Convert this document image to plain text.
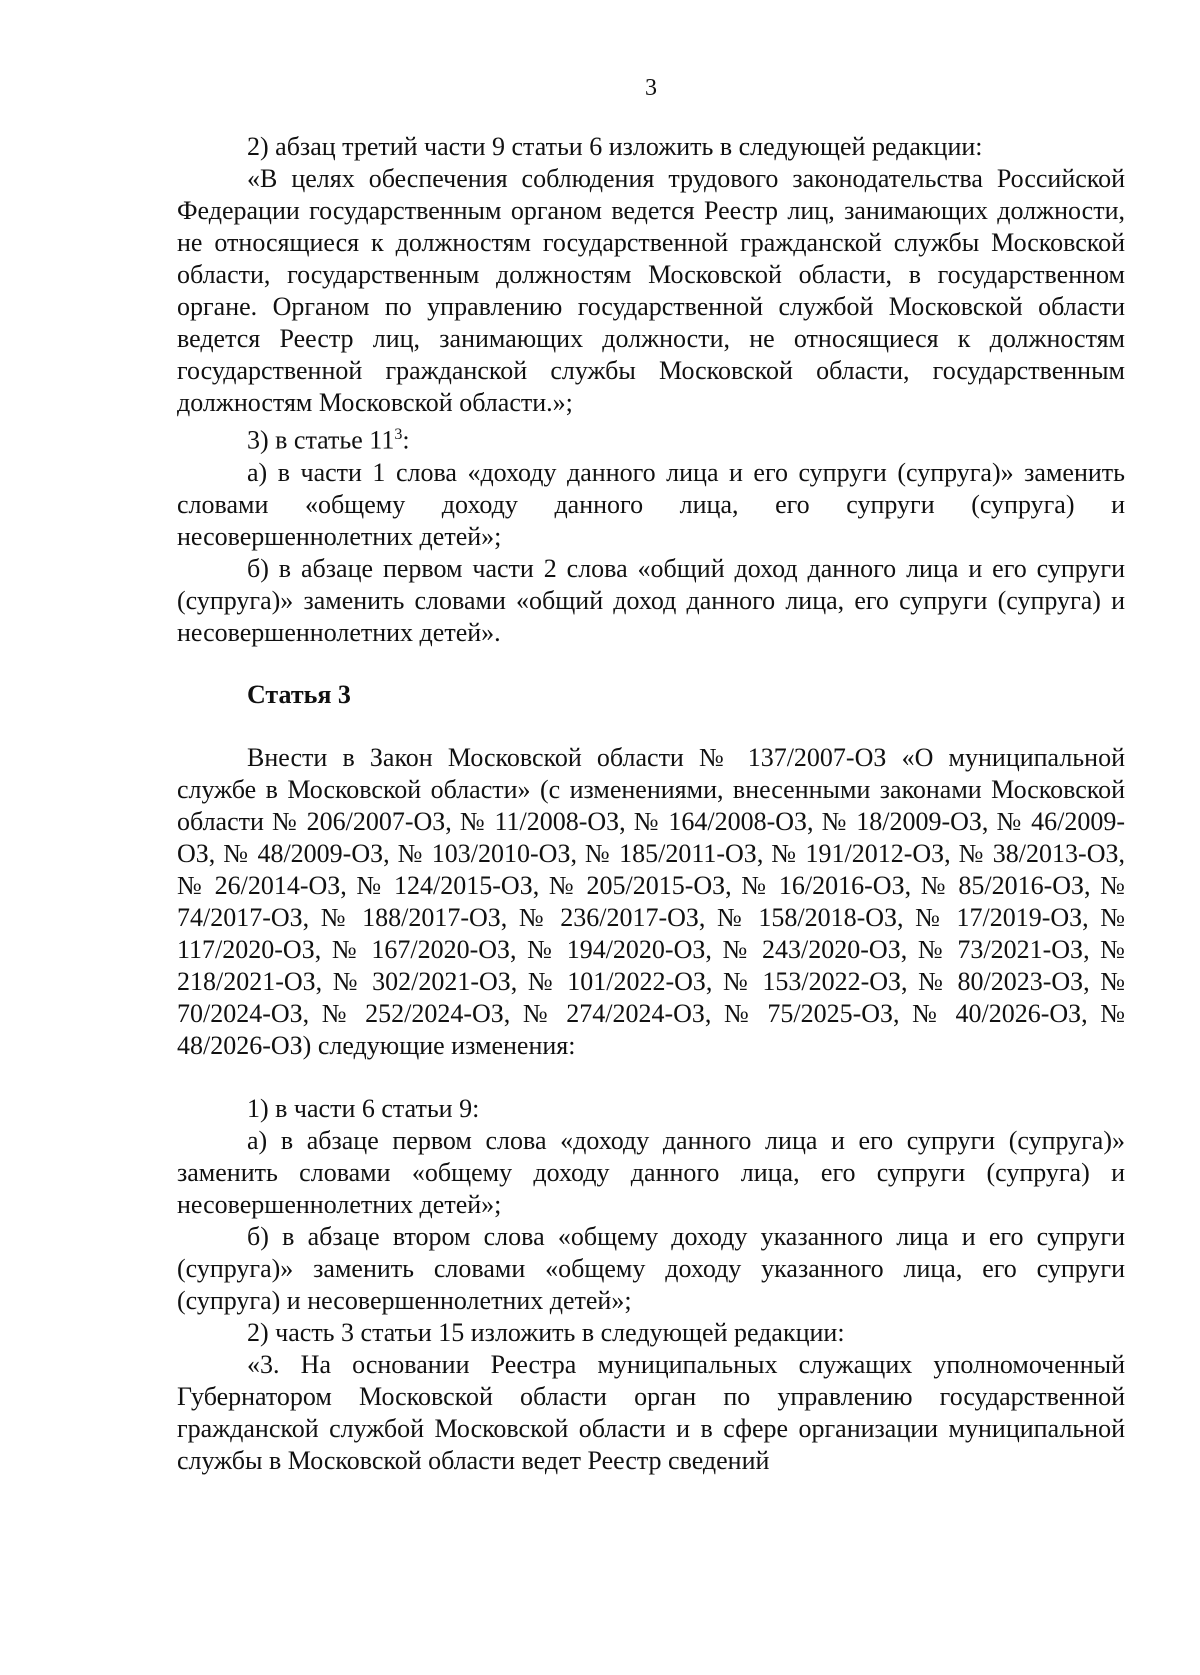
3

2) абзац третий части 9 статьи 6 изложить в следующей редакции:

«В целях обеспечения соблюдения трудового законодательства Российской Федерации государственным органом ведется Реестр лиц, занимающих должности, не относящиеся к должностям государственной гражданской службы Московской области, государственным должностям Московской области, в государственном органе. Органом по управлению государственной службой Московской области ведется Реестр лиц, занимающих должности, не относящиеся к должностям государственной гражданской службы Московской области, государственным должностям Московской области.»;

3) в статье $11^3$:

а) в части 1 слова «доходу данного лица и его супруги (супруга)» заменить словами «общему доходу данного лица, его супруги (супруга) и несовершеннолетних детей»;

б) в абзаце первом части 2 слова «общий доход данного лица и его супруги (супруга)» заменить словами «общий доход данного лица, его супруги (супруга) и несовершеннолетних детей».

Статья 3

Внести в Закон Московской области № 137/2007-ОЗ «О муниципальной службе в Московской области» (с изменениями, внесенными законами Московской области № 206/2007-ОЗ, № 11/2008-ОЗ, № 164/2008-ОЗ, № 18/2009-ОЗ, № 46/2009-ОЗ, № 48/2009-ОЗ, № 103/2010-ОЗ, № 185/2011-ОЗ, № 191/2012-ОЗ, № 38/2013-ОЗ, № 26/2014-ОЗ, № 124/2015-ОЗ, № 205/2015-ОЗ, № 16/2016-ОЗ, № 85/2016-ОЗ, № 74/2017-ОЗ, № 188/2017-ОЗ, № 236/2017-ОЗ, № 158/2018-ОЗ, № 17/2019-ОЗ, № 117/2020-ОЗ, № 167/2020-ОЗ, № 194/2020-ОЗ, № 243/2020-ОЗ, № 73/2021-ОЗ, № 218/2021-ОЗ, № 302/2021-ОЗ, № 101/2022-ОЗ, № 153/2022-ОЗ, № 80/2023-ОЗ, № 70/2024-ОЗ, № 252/2024-ОЗ, № 274/2024-ОЗ, № 75/2025-ОЗ, № 40/2026-ОЗ, № 48/2026-ОЗ) следующие изменения:

1) в части 6 статьи 9:

а) в абзаце первом слова «доходу данного лица и его супруги (супруга)» заменить словами «общему доходу данного лица, его супруги (супруга) и несовершеннолетних детей»;

б) в абзаце втором слова «общему доходу указанного лица и его супруги (супруга)» заменить словами «общему доходу указанного лица, его супруги (супруга) и несовершеннолетних детей»;

2) часть 3 статьи 15 изложить в следующей редакции:

«3. На основании Реестра муниципальных служащих уполномоченный Губернатором Московской области орган по управлению государственной гражданской службой Московской области и в сфере организации муниципальной службы в Московской области ведет Реестр сведений
